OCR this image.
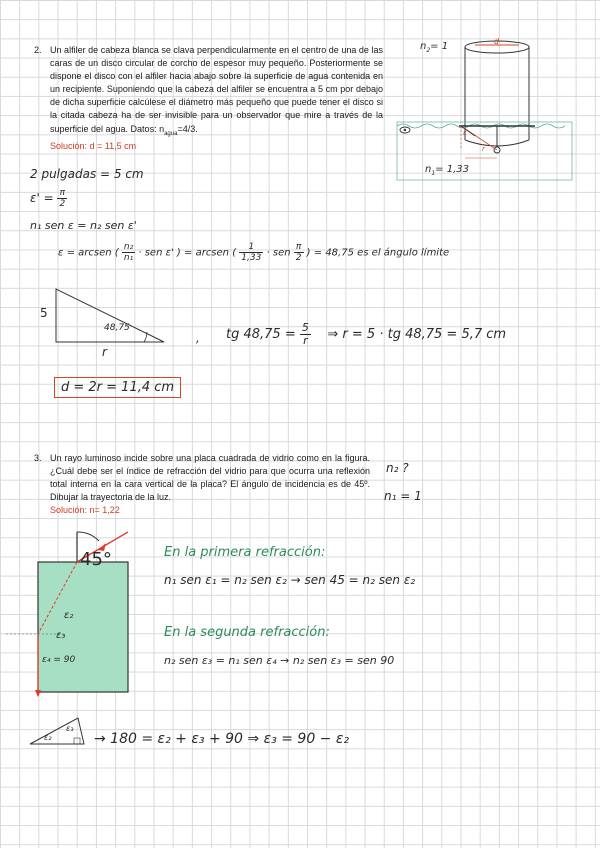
2. Un alfiler de cabeza blanca se clava perpendicularmente en el centro de una de las caras de un disco circular de corcho de espesor muy pequeño. Posteriormente se dispone el disco con el alfiler hacia abajo sobre la superficie de agua contenida en un recipiente. Suponiendo que la cabeza del alfiler se encuentra a 5 cm por debajo de dicha superficie calcúlese el diámetro más pequeño que puede tener el disco si la citada cabeza ha de ser invisible para un observador que mire a través de la superficie del agua. Datos: $n_{agua}=4/3$.
Solución: d = 11,5 cm
$n_2= 1$	d
ε
r
$n_1= 1,33$
2 pulgadas = 5 cm
$\varepsilon' = \frac{\pi}{2}$
n₁ sen ε = n₂ sen ε'
ε = arcsen ( $\frac{\text{n₂}}{\text{n₁}}$ · sen ε' ) = arcsen ( $\frac{1}{1,33}$ · sen $\frac{\pi}{2}$ ) = 48,75 es el ángulo límite
5
48,75
r
, tg $48,75 = \frac{5}{r}$ ⇒ r = 5 · tg 48,75 = 5,7 cm
d = 2r = 11,4 cm
3. Un rayo luminoso incide sobre una placa cuadrada de vidrio como en la figura. ¿Cuál debe ser el índice de refracción del vidrio para que ocurra una reflexión total interna en la cara vertical de la placa? El ángulo de incidencia es de 45º. Dibujar la trayectoria de la luz.
Solución: n= 1,22
n₂ ?
n₁ = 1
45°
ε₂
ε₃
ε₄ = 90
En la primera refracción:
n₁ sen ε₁ = n₂ sen ε₂ → sen 45 = n₂ sen ε₂
En la segunda refracción:
n₂ sen ε₃ = n₁ sen ε₄ → n₂ sen ε₃ = sen 90
ε₂
ε₃
→ 180 = ε₂ + ε₃ + 90 ⇒ ε₃ = 90 − ε₂
